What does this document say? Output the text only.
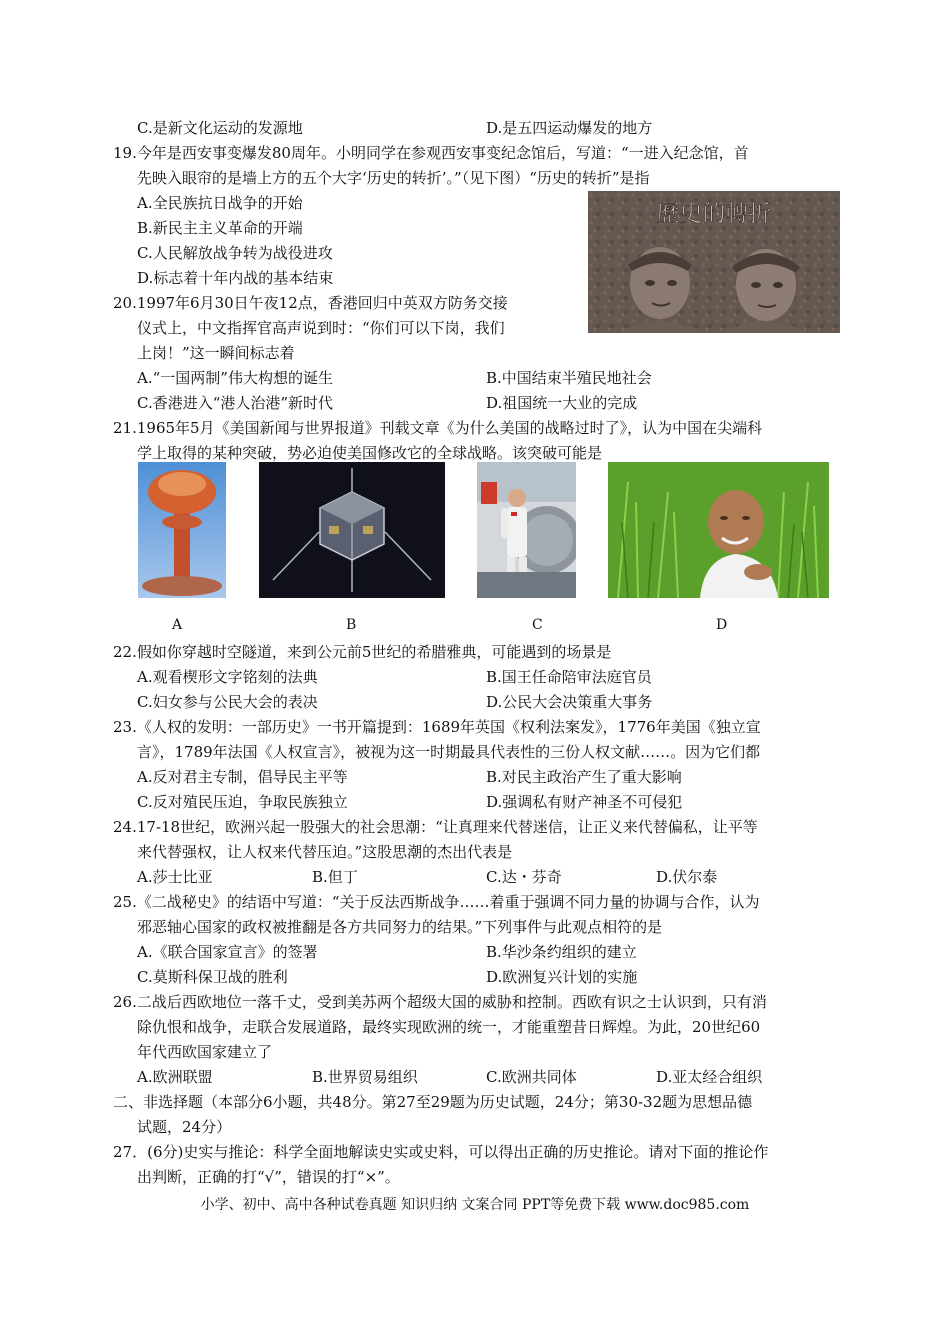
C.是新文化运动的发源地	D.是五四运动爆发的地方
19.今年是西安事变爆发80周年。小明同学在参观西安事变纪念馆后，写道：“一进入纪念馆，首
先映入眼帘的是墙上方的五个大字‘历史的转折’。”（见下图）“历史的转折”是指
A.全民族抗日战争的开始
B.新民主主义革命的开端
C.人民解放战争转为战役进攻
D.标志着十年内战的基本结束
歷史的轉折
20.1997年6月30日午夜12点，香港回归中英双方防务交接
仪式上，中文指挥官高声说到时：“你们可以下岗，我们
上岗！”这一瞬间标志着
A.“一国两制”伟大构想的诞生	B.中国结束半殖民地社会
C.香港进入“港人治港”新时代	D.祖国统一大业的完成
21.1965年5月《美国新闻与世界报道》刊载文章《为什么美国的战略过时了》，认为中国在尖端科
学上取得的某种突破，势必迫使美国修改它的全球战略。该突破可能是
A	B	C	D
22.假如你穿越时空隧道，来到公元前5世纪的希腊雅典，可能遇到的场景是
A.观看楔形文字铭刻的法典	B.国王任命陪审法庭官员
C.妇女参与公民大会的表决	D.公民大会决策重大事务
23.《人权的发明：一部历史》一书开篇提到：1689年英国《权利法案发》，1776年美国《独立宣
言》，1789年法国《人权宣言》，被视为这一时期最具代表性的三份人权文献……。因为它们都
A.反对君主专制，倡导民主平等	B.对民主政治产生了重大影响
C.反对殖民压迫，争取民族独立	D.强调私有财产神圣不可侵犯
24.17-18世纪，欧洲兴起一股强大的社会思潮：“让真理来代替迷信，让正义来代替偏私，让平等
来代替强权，让人权来代替压迫。”这股思潮的杰出代表是
A.莎士比亚	B.但丁	C.达・芬奇	D.伏尔泰
25.《二战秘史》的结语中写道：“关于反法西斯战争……着重于强调不同力量的协调与合作，认为
邪恶轴心国家的政权被推翻是各方共同努力的结果。”下列事件与此观点相符的是
A.《联合国家宣言》的签署	B.华沙条约组织的建立
C.莫斯科保卫战的胜利	D.欧洲复兴计划的实施
26.二战后西欧地位一落千丈，受到美苏两个超级大国的威胁和控制。西欧有识之士认识到，只有消
除仇恨和战争，走联合发展道路，最终实现欧洲的统一，才能重塑昔日辉煌。为此，20世纪60
年代西欧国家建立了
A.欧洲联盟	B.世界贸易组织	C.欧洲共同体	D.亚太经合组织
二、非选择题（本部分6小题，共48分。第27至29题为历史试题，24分；第30-32题为思想品德
试题，24分）
27．(6分)史实与推论：科学全面地解读史实或史料，可以得出正确的历史推论。请对下面的推论作
出判断，正确的打“√”，错误的打“×”。
小学、初中、高中各种试卷真题 知识归纳 文案合同 PPT等免费下载 www.doc985.com
